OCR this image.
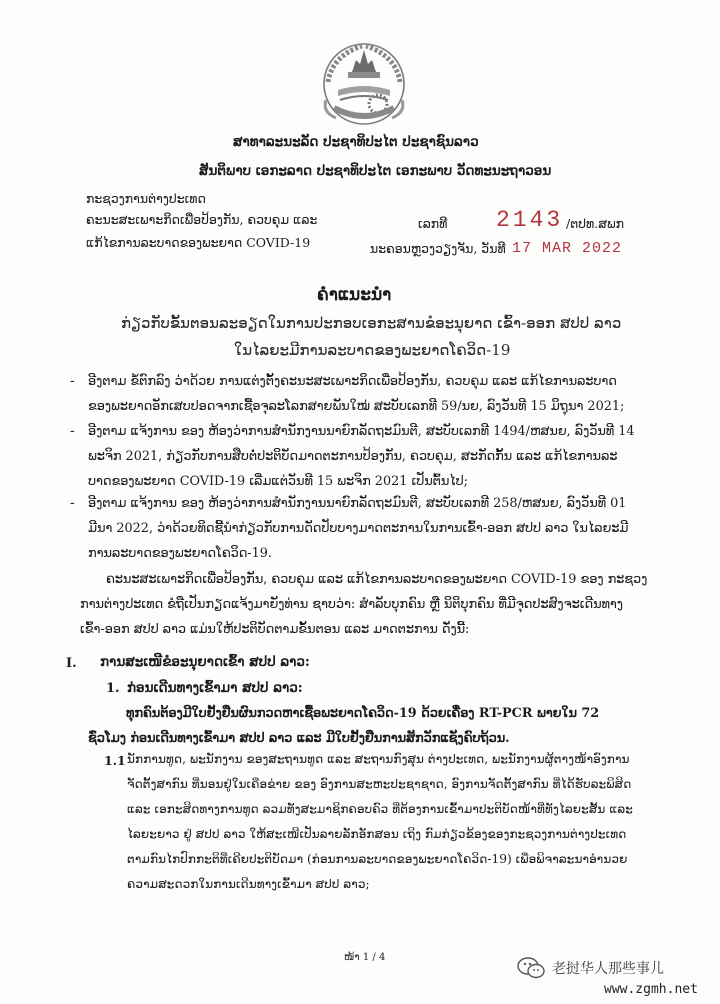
ສາທາລະນະລັດ ປະຊາທິປະໄຕ ປະຊາຊົນລາວ
ສັນຕິພາບ ເອກະລາດ ປະຊາທິປະໄຕ ເອກະພາບ ວັດທະນະຖາວອນ
ກະຊວງການຕ່າງປະເທດ
ຄະນະສະເພາະກິດເພື່ອປ້ອງກັນ, ຄວບຄຸມ ແລະ
ແກ້ໄຂການລະບາດຂອງພະຍາດ COVID-19
ເລກທີ 2143 /ຕປທ.ສພກ
ນະຄອນຫຼວງວຽງຈັນ, ວັນທີ 17 MAR 2022
ຄຳແນະນຳ
ກ່ຽວກັບຂັ້ນຕອນລະອຽດໃນການປະກອບເອກະສານຂໍອະນຸຍາດ ເຂົ້າ-ອອກ ສປປ ລາວ
ໃນໄລຍະມີການລະບາດຂອງພະຍາດໂຄວິດ-19
- ອີງຕາມ ຂໍ້ຕົກລົງ ວ່າດ້ວຍ ການແຕ່ງຕັ້ງຄະນະສະເພາະກິດເພື່ອປ້ອງກັນ, ຄວບຄຸມ ແລະ ແກ້ໄຂການລະບາດ
ຂອງພະຍາດອັກເສບປອດຈາກເຊື້ອຈຸລະໂລກສາຍພັນໃໝ່ ສະບັບເລກທີ 59/ນຍ, ລົງວັນທີ 15 ມິຖຸນາ 2021;
- ອີງຕາມ ແຈ້ງການ ຂອງ ຫ້ອງວ່າການສຳນັກງານນາຍົກລັດຖະມົນຕີ, ສະບັບເລກທີ 1494/ຫສນຍ, ລົງວັນທີ 14
ພະຈິກ 2021, ກ່ຽວກັບການສືບຕໍ່ປະຕິບັດມາດຕະການປ້ອງກັນ, ຄວບຄຸມ, ສະກັດກັ້ນ ແລະ ແກ້ໄຂການລະ
ບາດຂອງພະຍາດ COVID-19 ເລີ່ມແຕ່ວັນທີ 15 ພະຈິກ 2021 ເປັນຕົ້ນໄປ;
- ອີງຕາມ ແຈ້ງການ ຂອງ ຫ້ອງວ່າການສຳນັກງານນາຍົກລັດຖະມົນຕີ, ສະບັບເລກທີ 258/ຫສນຍ, ລົງວັນທີ 01
ມີນາ 2022, ວ່າດ້ວຍທິດຊີ້ນຳກ່ຽວກັບການດັດປັບບາງມາດຕະການໃນການເຂົ້າ-ອອກ ສປປ ລາວ ໃນໄລຍະມີ
ການລະບາດຂອງພະຍາດໂຄວິດ-19.
ຄະນະສະເພາະກິດເພື່ອປ້ອງກັນ, ຄວບຄຸມ ແລະ ແກ້ໄຂການລະບາດຂອງພະຍາດ COVID-19 ຂອງ ກະຊວງ
ການຕ່າງປະເທດ ຂໍຖືເປັນກຽດແຈ້ງມາຍັງທ່ານ ຊາບວ່າ: ສຳລັບບຸກຄົນ ຫຼື ນິຕິບຸກຄົນ ທີ່ມີຈຸດປະສົງຈະເດີນທາງ
ເຂົ້າ-ອອກ ສປປ ລາວ ແມ່ນໃຫ້ປະຕິບັດຕາມຂັ້ນຕອນ ແລະ ມາດຕະການ ດັ່ງນີ້:
I. ການສະເໜີຂໍອະນຸຍາດເຂົ້າ ສປປ ລາວ:
1. ກ່ອນເດີນທາງເຂົ້າມາ ສປປ ລາວ:
ທຸກຄົນຕ້ອງມີໃບຢັ້ງຢືນຜົນກວດຫາເຊື້ອພະຍາດໂຄວິດ-19 ດ້ວຍເຄື່ອງ RT-PCR ພາຍໃນ 72
ຊົ່ວໂມງ ກ່ອນເດີນທາງເຂົ້າມາ ສປປ ລາວ ແລະ ມີໃບຢັ້ງຢືນການສັກວັກແຊັງຄົບຖ້ວນ.
1.1 ນັກການທູດ, ພະນັກງານ ຂອງສະຖານທູດ ແລະ ສະຖານກົງສຸນ ຕ່າງປະເທດ, ພະນັກງານຜູ້ຕາງໜ້າອົງການ
ຈັດຕັ້ງສາກົນ ທີ່ນອນຢູ່ໃນເຄືອຂ່າຍ ຂອງ ອົງການສະຫະປະຊາຊາດ, ອົງການຈັດຕັ້ງສາກົນ ທີ່ໄດ້ຮັບລະພິສິດ
ແລະ ເອກະສິດທາງການທູດ ລວມທັງສະມາຊິກຄອບຄົວ ທີ່ຕ້ອງການເຂົ້າມາປະຕິບັດໜ້າທີ່ທັງໄລຍະສັ້ນ ແລະ
ໄລຍະຍາວ ຢູ່ ສປປ ລາວ ໃຫ້ສະເໜີເປັນລາຍລັກອັກສອນ ເຖິງ ກົມກ່ຽວຂ້ອງຂອງກະຊວງການຕ່າງປະເທດ
ຕາມກົນໄກປົກກະຕິທີ່ເຄີຍປະຕິບັດມາ (ກ່ອນການລະບາດຂອງພະຍາດໂຄວິດ-19) ເພື່ອພິຈາລະນາອຳນວຍ
ຄວາມສະດວກໃນການເດີນທາງເຂົ້າມາ ສປປ ລາວ;
ໜ້າ 1 / 4
老挝华人那些事儿
www.zgmh.net
